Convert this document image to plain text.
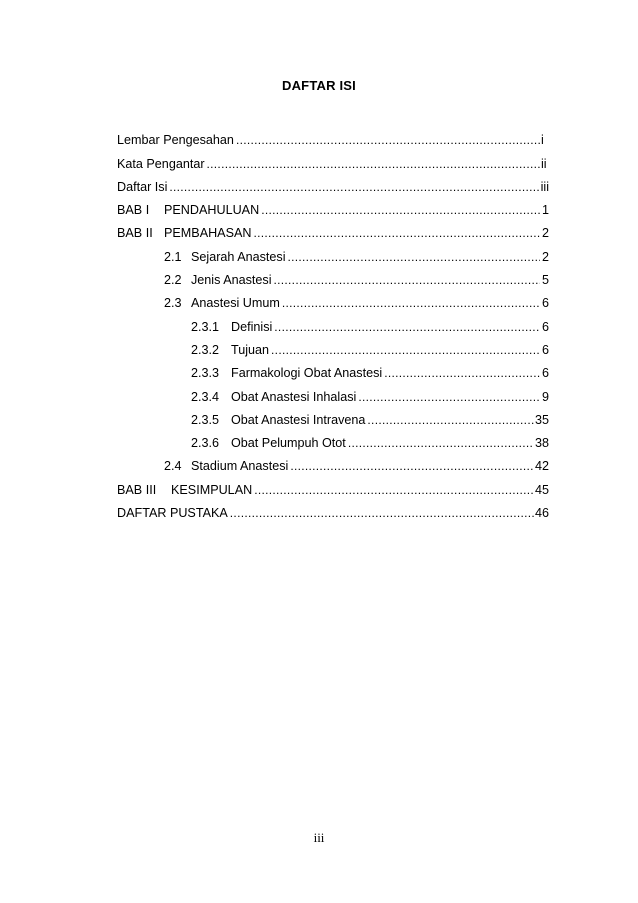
DAFTAR ISI
Lembar Pengesahan .....	i
Kata Pengantar .....	ii
Daftar Isi .....	iii
BAB I	PENDAHULUAN .....	1
BAB II PEMBAHASAN .....	2
2.1 Sejarah Anastesi .....	2
2.2 Jenis Anastesi .....	5
2.3 Anastesi Umum .....	6
2.3.1 Definisi .....	6
2.3.2 Tujuan .....	6
2.3.3 Farmakologi Obat Anastesi .....	6
2.3.4 Obat Anastesi Inhalasi .....	9
2.3.5 Obat Anastesi Intravena .....	35
2.3.6 Obat Pelumpuh Otot .....	38
2.4 Stadium Anastesi .....	42
BAB III	KESIMPULAN .....	45
DAFTAR PUSTAKA .....	46
iii
